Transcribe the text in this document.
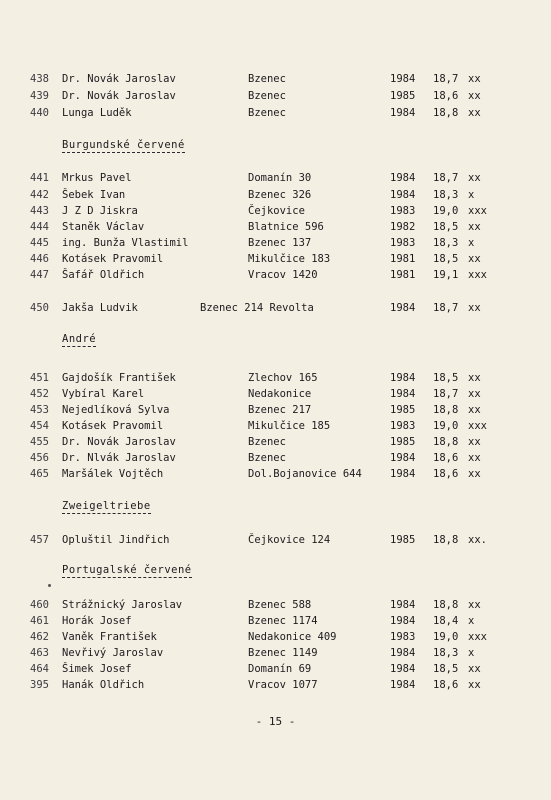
438 Dr. Novák Jaroslav	Bzenec	1984 18,7 xx
439 Dr. Novák Jaroslav	Bzenec	1985 18,6 xx
440 Lunga Luděk	Bzenec	1984 18,8 xx
Burgundské červené
441 Mrkus Pavel	Domanín 30	1984 18,7 xx
442 Šebek Ivan	Bzenec 326	1984 18,3 x
443 J Z D Jiskra	Čejkovice	1983 19,0 xxx
444 Staněk Václav	Blatnice 596	1982 18,5 xx
445 ing. Bunža Vlastimil	Bzenec 137	1983 18,3 x
446 Kotásek Pravomil	Mikulčice 183	1981 18,5 xx
447 Šafář Oldřich	Vracov 1420	1981 19,1 xxx
450 Jakša Ludvik	Bzenec 214 Revolta	1984 18,7 xx
André
451 Gajdošík František	Zlechov 165	1984 18,5 xx
452 Vybíral Karel	Nedakonice	1984 18,7 xx
453 Nejedlíková Sylva	Bzenec 217	1985 18,8 xx
454 Kotásek Pravomil	Mikulčice 185	1983 19,0 xxx
455 Dr. Novák Jaroslav	Bzenec	1985 18,8 xx
456 Dr. Nlvák Jaroslav	Bzenec	1984 18,6 xx
465 Maršálek Vojtěch	Dol.Bojanovice 644	1984 18,6 xx
Zweigeltriebe
457 Opluštil Jindřich	Čejkovice 124	1985 18,8 xx.
Portugalské červené
460 Strážnický Jaroslav	Bzenec 588	1984 18,8 xx
461 Horák Josef	Bzenec 1174	1984 18,4 x
462 Vaněk František	Nedakonice 409	1983 19,0 xxx
463 Nevřivý Jaroslav	Bzenec 1149	1984 18,3 x
464 Šimek Josef	Domanín 69	1984 18,5 xx
395 Hanák Oldřich	Vracov 1077	1984 18,6 xx
- 15 -
